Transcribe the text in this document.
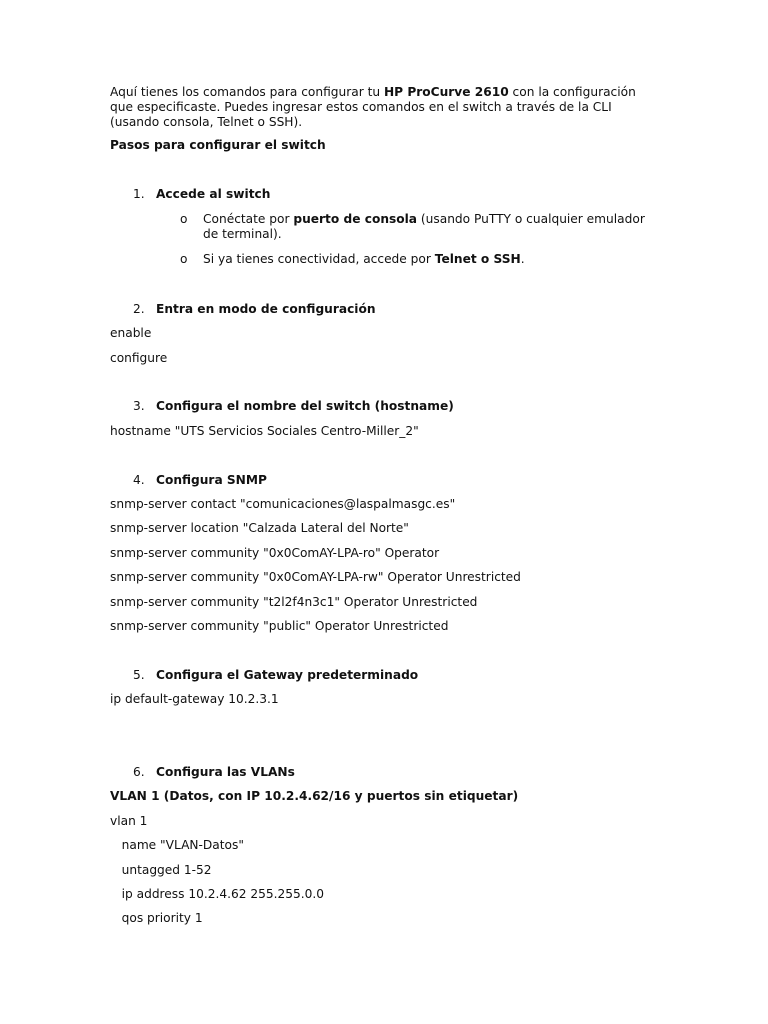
Aquí tienes los comandos para configurar tu HP ProCurve 2610 con la configuración que especificaste. Puedes ingresar estos comandos en el switch a través de la CLI (usando consola, Telnet o SSH).
Pasos para configurar el switch
1. Accede al switch
o Conéctate por puerto de consola (usando PuTTY o cualquier emulador de terminal).
o Si ya tienes conectividad, accede por Telnet o SSH.
2. Entra en modo de configuración
enable
configure
3. Configura el nombre del switch (hostname)
hostname "UTS Servicios Sociales Centro-Miller_2"
4. Configura SNMP
snmp-server contact "comunicaciones@laspalmasgc.es"
snmp-server location "Calzada Lateral del Norte"
snmp-server community "0x0ComAY-LPA-ro" Operator
snmp-server community "0x0ComAY-LPA-rw" Operator Unrestricted
snmp-server community "t2l2f4n3c1" Operator Unrestricted
snmp-server community "public" Operator Unrestricted
5. Configura el Gateway predeterminado
ip default-gateway 10.2.3.1
6. Configura las VLANs
VLAN 1 (Datos, con IP 10.2.4.62/16 y puertos sin etiquetar)
vlan 1
name "VLAN-Datos"
untagged 1-52
ip address 10.2.4.62 255.255.0.0
qos priority 1
